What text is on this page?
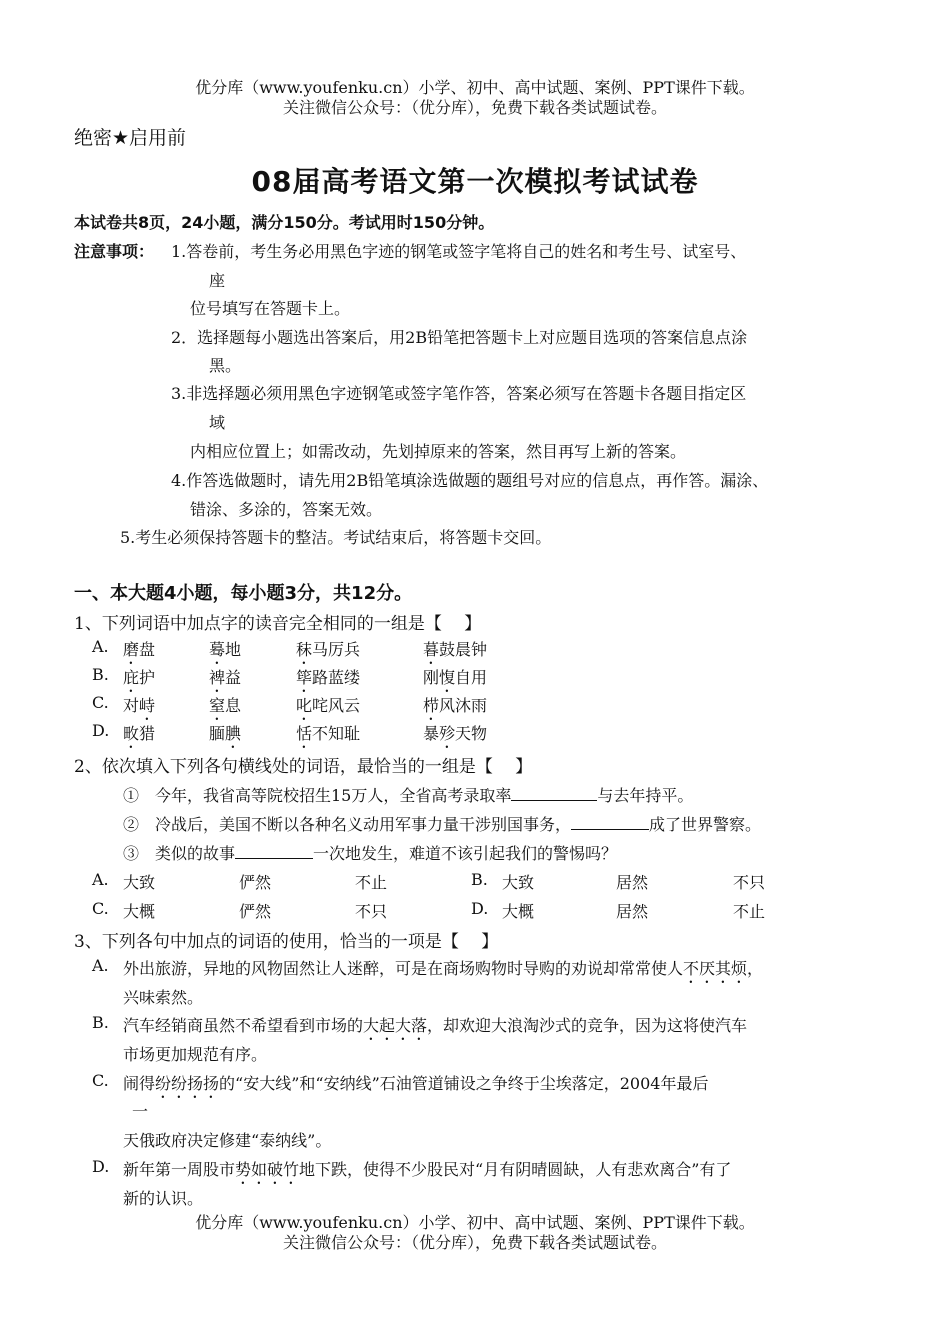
优分库（www.youfenku.cn）小学、初中、高中试题、案例、PPT课件下载。
关注微信公众号：（优分库），免费下载各类试题试卷。
绝密★启用前
08届高考语文第一次模拟考试试卷
本试卷共8页，24小题，满分150分。考试用时150分钟。
注意事项： 1.答卷前，考生务必用黑色字迹的钢笔或签字笔将自己的姓名和考生号、试室号、
座
位号填写在答题卡上。
2．选择题每小题选出答案后，用2B铅笔把答题卡上对应题目选项的答案信息点涂
黑。
3.非选择题必须用黑色字迹钢笔或签字笔作答，答案必须写在答题卡各题目指定区
域
内相应位置上；如需改动，先划掉原来的答案，然目再写上新的答案。
4.作答选做题时，请先用2B铅笔填涂选做题的题组号对应的信息点，再作答。漏涂、
错涂、多涂的，答案无效。
5.考生必须保持答题卡的整洁。考试结束后，将答题卡交回。
一、本大题4小题，每小题3分，共12分。
1、下列词语中加点字的读音完全相同的一组是【　 】
A. 磨盘	蓦地	秣马厉兵	暮鼓晨钟
B. 庇护	裨益	筚路蓝缕	刚愎自用
C. 对峙	窒息	叱咤风云	栉风沐雨
D. 畋猎	腼腆	恬不知耻	暴殄天物
2、依次填入下列各句横线处的词语，最恰当的一组是【　 】
①　今年，我省高等院校招生15万人，全省高考录取率	与去年持平。
②　冷战后，美国不断以各种名义动用军事力量干涉别国事务，	成了世界警察。
③　类似的故事	一次地发生，难道不该引起我们的警惕吗？
A. 大致	俨然	不止	B. 大致	居然	不只
C. 大概	俨然	不只	D. 大概	居然	不止
3、下列各句中加点的词语的使用，恰当的一项是【　 】
A. 外出旅游，异地的风物固然让人迷醉，可是在商场购物时导购的劝说却常常使人不厌其烦，
兴味索然。
B. 汽车经销商虽然不希望看到市场的大起大落，却欢迎大浪淘沙式的竞争，因为这将使汽车
市场更加规范有序。
C. 闹得纷纷扬扬的“安大线”和“安纳线”石油管道铺设之争终于尘埃落定，2004年最后
一
天俄政府决定修建“泰纳线”。
D. 新年第一周股市势如破竹地下跌，使得不少股民对“月有阴晴圆缺，人有悲欢离合”有了
新的认识。
优分库（www.youfenku.cn）小学、初中、高中试题、案例、PPT课件下载。
关注微信公众号：（优分库），免费下载各类试题试卷。
